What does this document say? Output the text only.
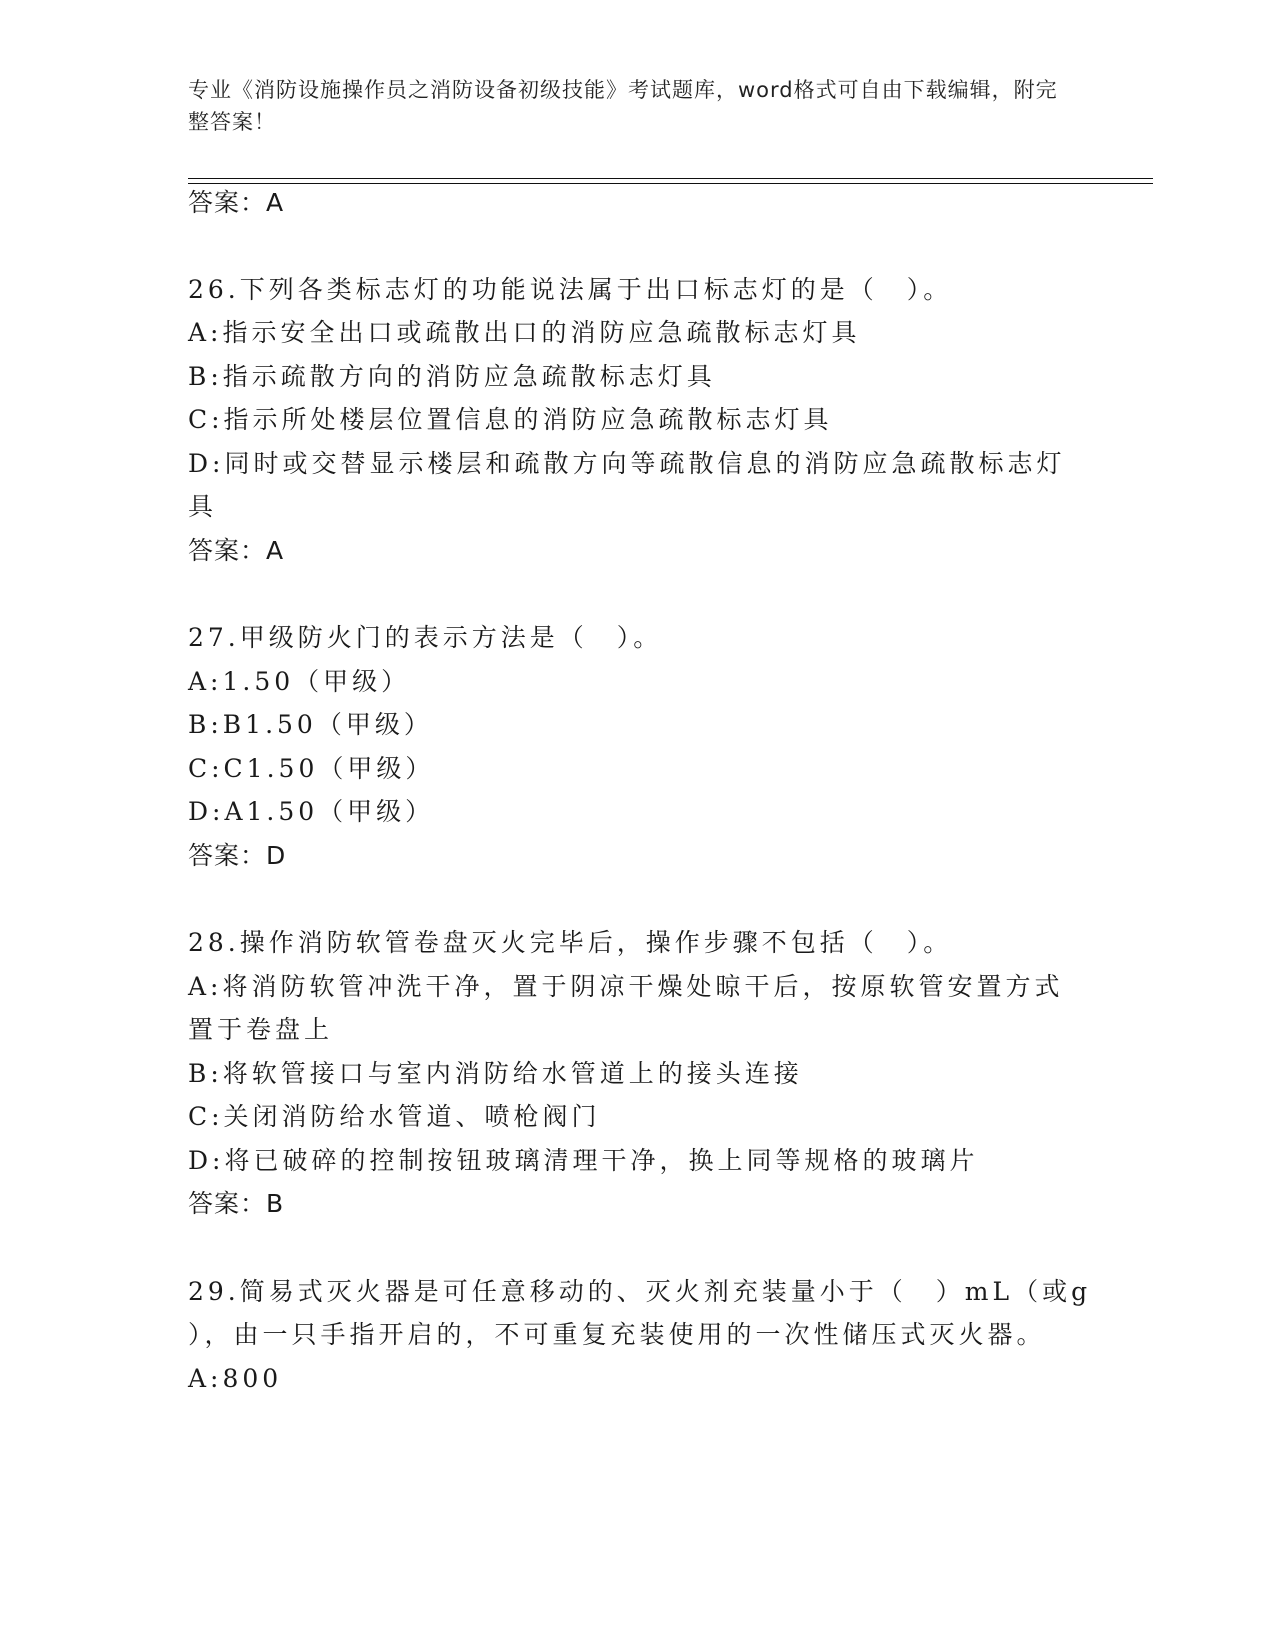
专业《消防设施操作员之消防设备初级技能》考试题库，word格式可自由下载编辑，附完整答案！
答案：A
26.下列各类标志灯的功能说法属于出口标志灯的是（　）。
A:指示安全出口或疏散出口的消防应急疏散标志灯具
B:指示疏散方向的消防应急疏散标志灯具
C:指示所处楼层位置信息的消防应急疏散标志灯具
D:同时或交替显示楼层和疏散方向等疏散信息的消防应急疏散标志灯
具
答案：A
27.甲级防火门的表示方法是（　）。
A:1.50（甲级）
B:B1.50（甲级）
C:C1.50（甲级）
D:A1.50（甲级）
答案：D
28.操作消防软管卷盘灭火完毕后，操作步骤不包括（　）。
A:将消防软管冲洗干净，置于阴凉干燥处晾干后，按原软管安置方式
置于卷盘上
B:将软管接口与室内消防给水管道上的接头连接
C:关闭消防给水管道、喷枪阀门
D:将已破碎的控制按钮玻璃清理干净，换上同等规格的玻璃片
答案：B
29.简易式灭火器是可任意移动的、灭火剂充装量小于（　）mL（或g
），由一只手指开启的，不可重复充装使用的一次性储压式灭火器。
A:800
